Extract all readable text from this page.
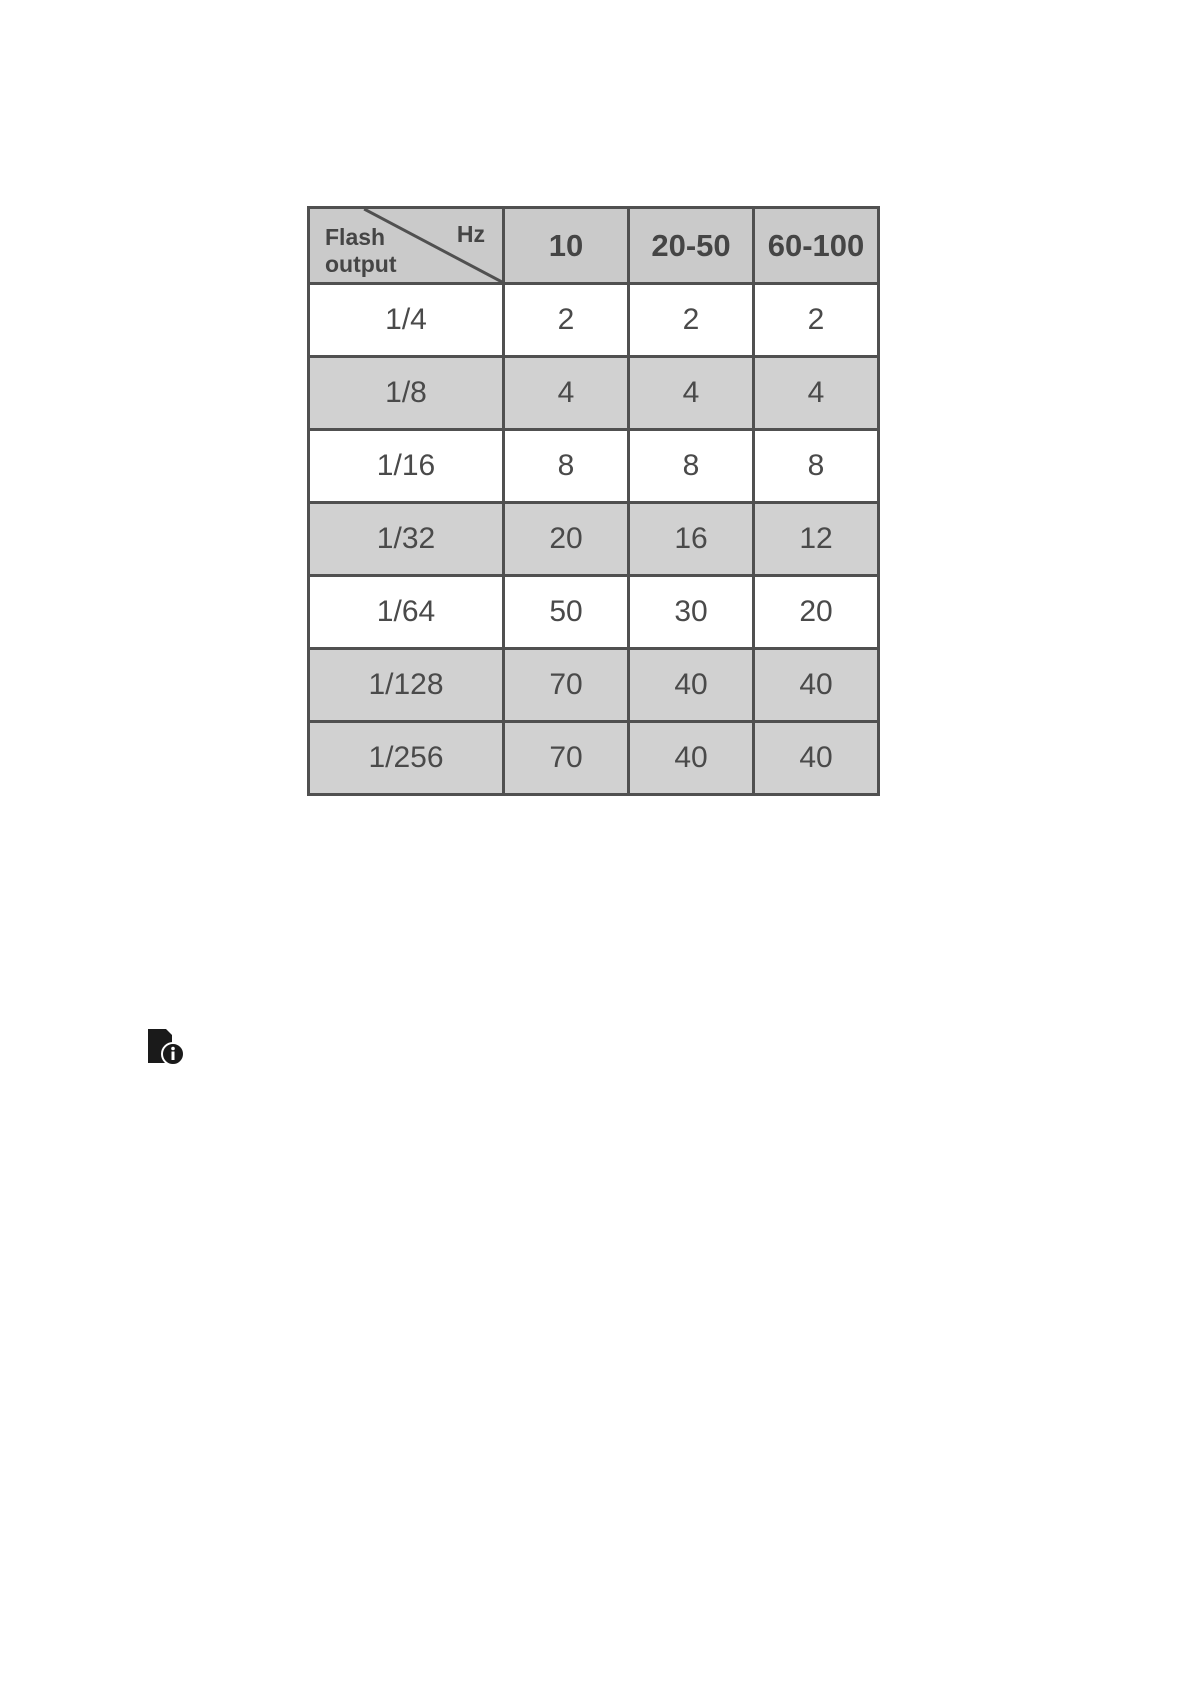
Hz
Flash
output	10	20-50	60-100
1/4	2	2	2
1/8	4	4	4
1/16	8	8	8
1/32	20	16	12
1/64	50	30	20
1/128	70	40	40
1/256	70	40	40
